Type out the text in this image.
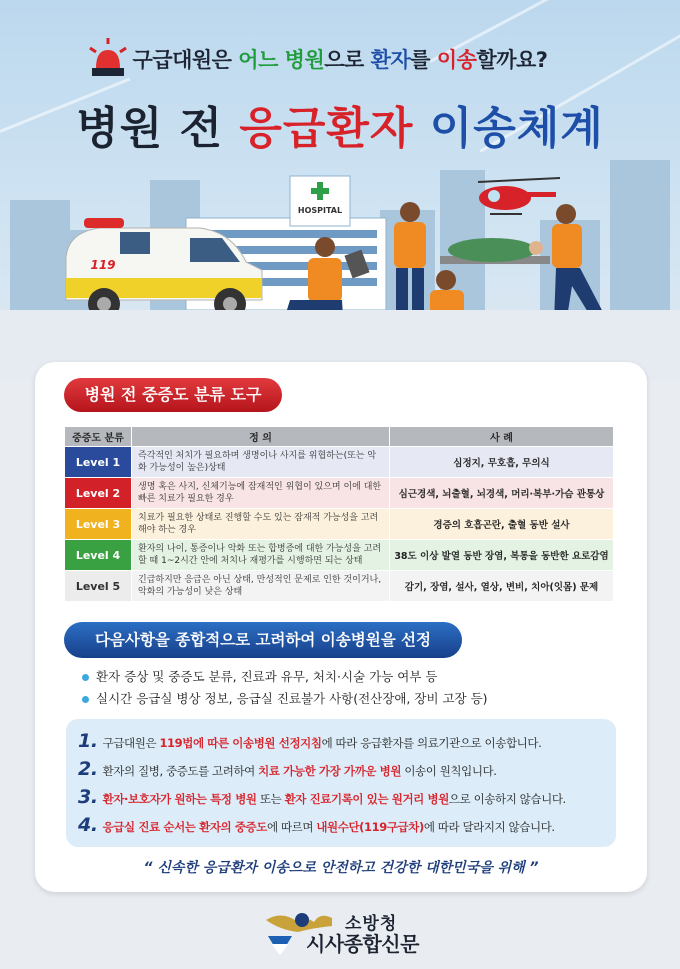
HOSPITAL
119
구급대원은 어느 병원으로 환자를 이송할까요?
병원 전 응급환자 이송체계
병원 전 중증도 분류 도구
중증도 분류	정 의	사 례
Level 1	즉각적인 처치가 필요하며 생명이나 사지를 위협하는(또는 악화 가능성이 높은)상태	심정지, 무호흡, 무의식
Level 2	생명 혹은 사지, 신체기능에 잠재적인 위협이 있으며 이에 대한 빠른 치료가 필요한 경우	심근경색, 뇌출혈, 뇌경색, 머리·복부·가슴 관통상
Level 3	치료가 필요한 상태로 진행할 수도 있는 잠재적 가능성을 고려해야 하는 경우	경증의 호흡곤란, 출혈 동반 설사
Level 4	환자의 나이, 통증이나 악화 또는 합병증에 대한 가능성을 고려할 때 1~2시간 안에 처치나 재평가를 시행하면 되는 상태	38도 이상 발열 동반 장염, 복통을 동반한 요로감염
Level 5	긴급하지만 응급은 아닌 상태, 만성적인 문제로 인한 것이거나, 악화의 가능성이 낮은 상태	감기, 장염, 설사, 열상, 변비, 치아(잇몸) 문제
다음사항을 종합적으로 고려하여 이송병원을 선정
환자 증상 및 중증도 분류, 진료과 유무, 처치·시술 가능 여부 등
실시간 응급실 병상 정보, 응급실 진료불가 사항(전산장애, 장비 고장 등)
1. 구급대원은 119법에 따른 이송병원 선정지침에 따라 응급환자를 의료기관으로 이송합니다.
2. 환자의 질병, 중증도를 고려하여 치료 가능한 가장 가까운 병원 이송이 원칙입니다.
3. 환자·보호자가 원하는 특정 병원 또는 환자 진료기록이 있는 원거리 병원으로 이송하지 않습니다.
4. 응급실 진료 순서는 환자의 중증도에 따르며 내원수단(119구급차)에 따라 달라지지 않습니다.
“ 신속한 응급환자 이송으로 안전하고 건강한 대한민국을 위해 ”
소방청
시사종합신문
